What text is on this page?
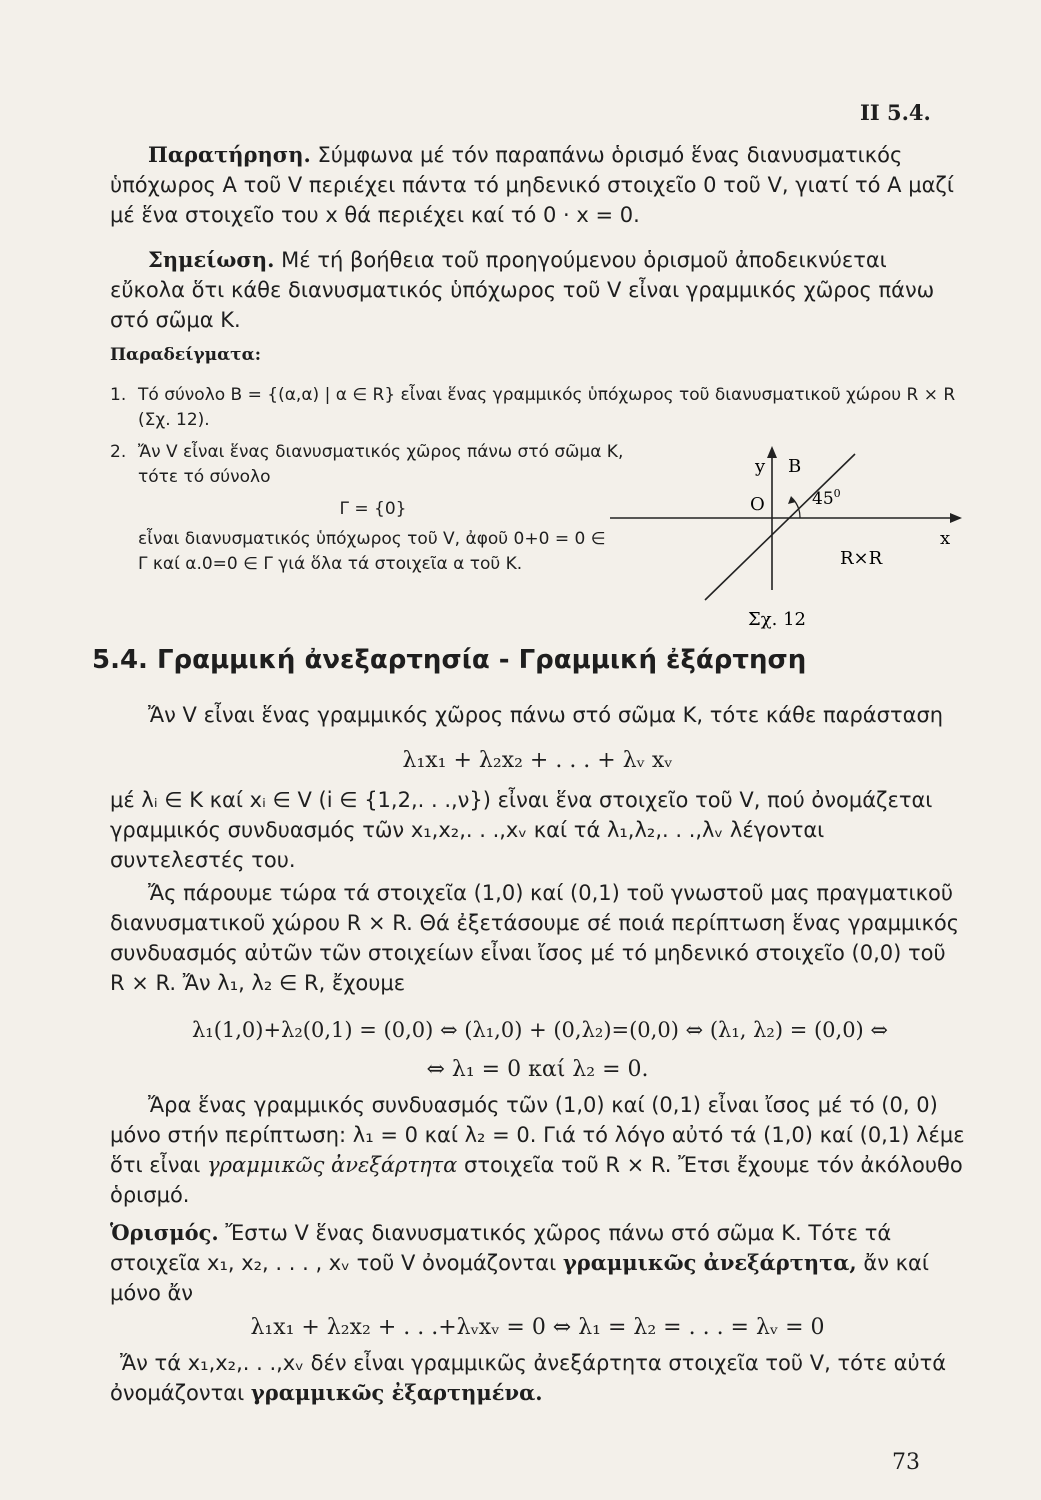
II 5.4.

Παρατήρηση. Σύμφωνα μέ τόν παραπάνω ὁρισμό ἕνας διανυσματικός ὑπόχωρος A τοῦ V περιέχει πάντα τό μηδενικό στοιχεῖο 0 τοῦ V, γιατί τό A μαζί μέ ἕνα στοιχεῖο του x θά περιέχει καί τό 0 · x = 0.

Σημείωση. Μέ τή βοήθεια τοῦ προηγούμενου ὁρισμοῦ ἀποδεικνύεται εὔκολα ὅτι κάθε διανυσματικός ὑπόχωρος τοῦ V εἶναι γραμμικός χῶρος πάνω στό σῶμα K.

Παραδείγματα:

1. Τό σύνολο B = {(α,α) | α ∈ R} εἶναι ἕνας γραμμικός ὑπόχωρος τοῦ διανυσματικοῦ χώρου R × R (Σχ. 12).

2. Ἄν V εἶναι ἕνας διανυσματικός χῶρος πάνω στό σῶμα K, τότε τό σύνολο

Γ = {0}

εἶναι διανυσματικός ὑπόχωρος τοῦ V, ἀφοῦ 0+0 = 0 ∈ Γ καί α.0=0 ∈ Γ γιά ὅλα τά στοιχεῖα α τοῦ K.

y B
O	$45^0$
x
R×R
Σχ. 12
5.4. Γραμμική ἀνεξαρτησία - Γραμμική ἐξάρτηση

Ἄν V εἶναι ἕνας γραμμικός χῶρος πάνω στό σῶμα K, τότε κάθε παράσταση

λ₁x₁ + λ₂x₂ + . . . + λᵥ xᵥ

μέ λᵢ ∈ K καί xᵢ ∈ V (i ∈ {1,2,. . .,ν}) εἶναι ἕνα στοιχεῖο τοῦ V, πού ὀνομάζεται γραμμικός συνδυασμός τῶν x₁,x₂,. . .,xᵥ καί τά λ₁,λ₂,. . .,λᵥ λέγονται συντελεστές του.

Ἄς πάρουμε τώρα τά στοιχεῖα (1,0) καί (0,1) τοῦ γνωστοῦ μας πραγματικοῦ διανυσματικοῦ χώρου R × R. Θά ἐξετάσουμε σέ ποιά περίπτωση ἕνας γραμμικός συνδυασμός αὐτῶν τῶν στοιχείων εἶναι ἴσος μέ τό μηδενικό στοιχεῖο (0,0) τοῦ R × R. Ἄν λ₁, λ₂ ∈ R, ἔχουμε

λ₁(1,0)+λ₂(0,1) = (0,0) ⇔ (λ₁,0) + (0,λ₂)=(0,0) ⇔ (λ₁, λ₂) = (0,0) ⇔
⇔ λ₁ = 0 καί λ₂ = 0.

Ἄρα ἕνας γραμμικός συνδυασμός τῶν (1,0) καί (0,1) εἶναι ἴσος μέ τό (0, 0) μόνο στήν περίπτωση: λ₁ = 0 καί λ₂ = 0. Γιά τό λόγο αὐτό τά (1,0) καί (0,1) λέμε ὅτι εἶναι γραμμικῶς ἀνεξάρτητα στοιχεῖα τοῦ R × R. Ἔτσι ἔχουμε τόν ἀκόλουθο ὁρισμό.

Ὁρισμός. Ἔστω V ἕνας διανυσματικός χῶρος πάνω στό σῶμα K. Τότε τά στοιχεῖα x₁, x₂, . . . , xᵥ τοῦ V ὀνομάζονται γραμμικῶς ἀνεξάρτητα, ἄν καί μόνο ἄν

λ₁x₁ + λ₂x₂ + . . .+λᵥxᵥ = 0 ⇔ λ₁ = λ₂ = . . . = λᵥ = 0

Ἄν τά x₁,x₂,. . .,xᵥ δέν εἶναι γραμμικῶς ἀνεξάρτητα στοιχεῖα τοῦ V, τότε αὐτά ὀνομάζονται γραμμικῶς ἐξαρτημένα.

73
